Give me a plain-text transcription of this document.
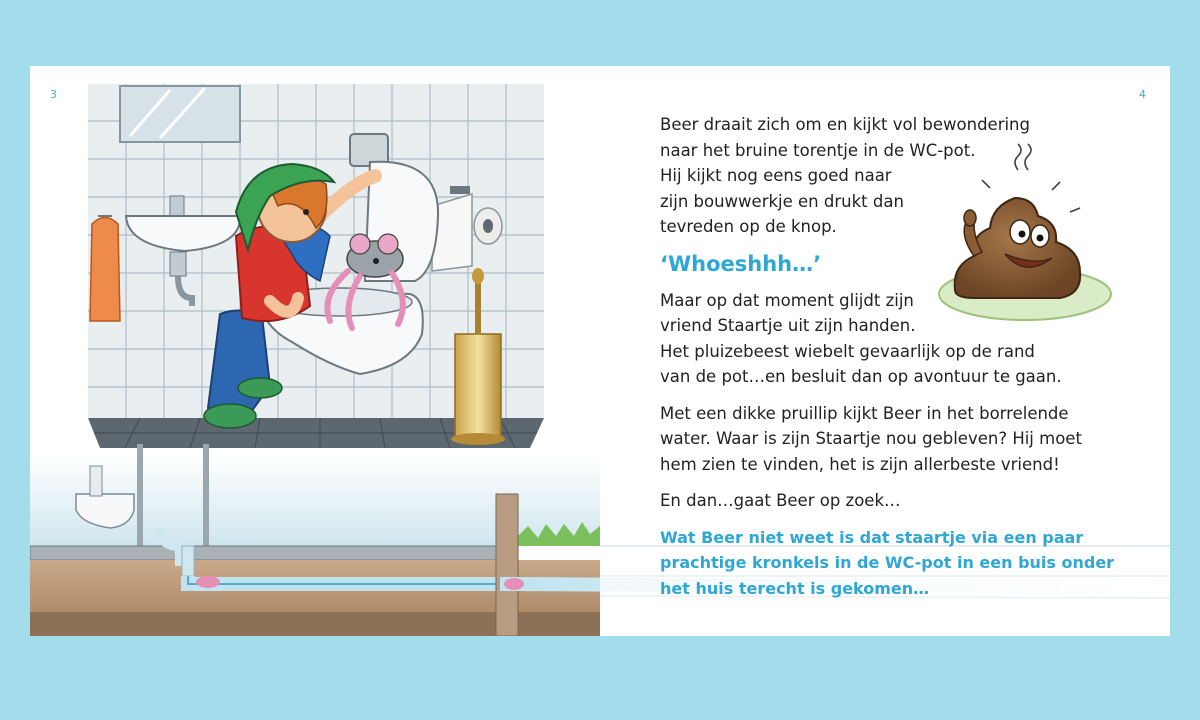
3	4

Beer draait zich om en kijkt vol bewondering
naar het bruine torentje in de WC-pot.
Hij kijkt nog eens goed naar
zijn bouwwerkje en drukt dan
tevreden op de knop.

‘Whoeshhh…’

Maar op dat moment glijdt zijn
vriend Staartje uit zijn handen.
Het pluizebeest wiebelt gevaarlijk op de rand
van de pot…en besluit dan op avontuur te gaan.

Met een dikke pruillip kijkt Beer in het borrelende
water. Waar is zijn Staartje nou gebleven? Hij moet
hem zien te vinden, het is zijn allerbeste vriend!

En dan…gaat Beer op zoek…

Wat Beer niet weet is dat staartje via een paar
prachtige kronkels in de WC-pot in een buis onder
het huis terecht is gekomen…
